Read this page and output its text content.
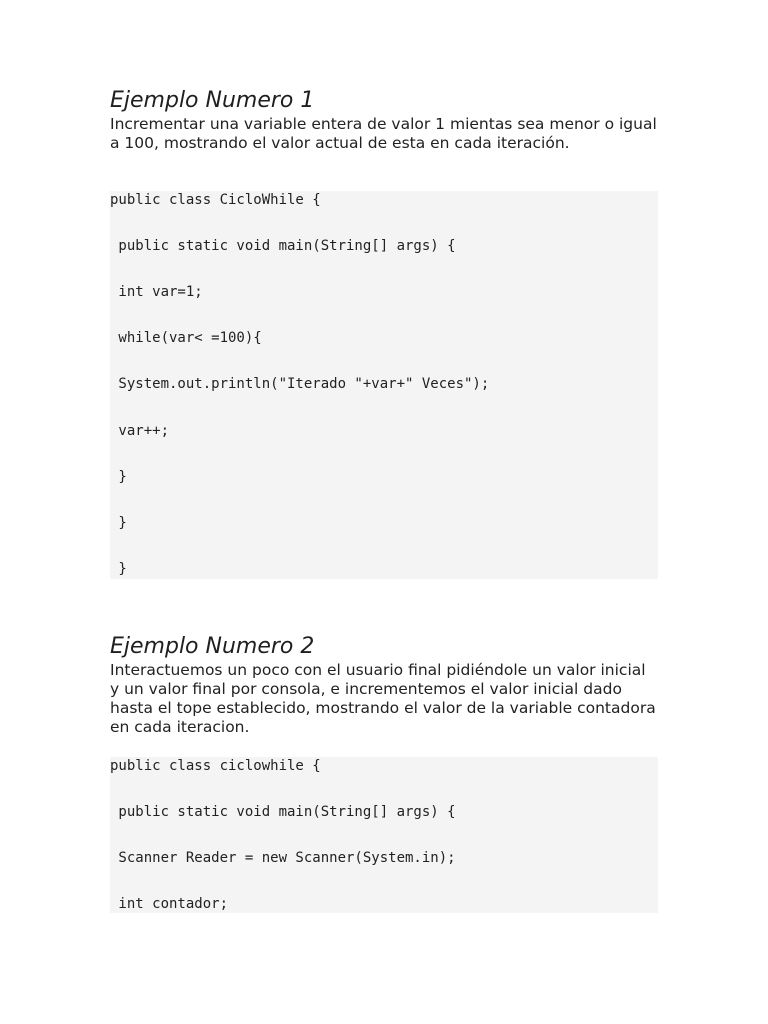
Ejemplo Numero 1

Incrementar una variable entera de valor 1 mientas sea menor o igual a 100, mostrando el valor actual de esta en cada iteración.

public class CicloWhile {

public static void main(String[] args) {

int var=1;

while(var< =100){

System.out.println("Iterado "+var+" Veces");

var++;

}

}

}

Ejemplo Numero 2

Interactuemos un poco con el usuario final pidiéndole un valor inicial y un valor final por consola, e incrementemos el valor inicial dado hasta el tope establecido, mostrando el valor de la variable contadora en cada iteracion.

public class ciclowhile {

public static void main(String[] args) {

Scanner Reader = new Scanner(System.in);

int contador;
